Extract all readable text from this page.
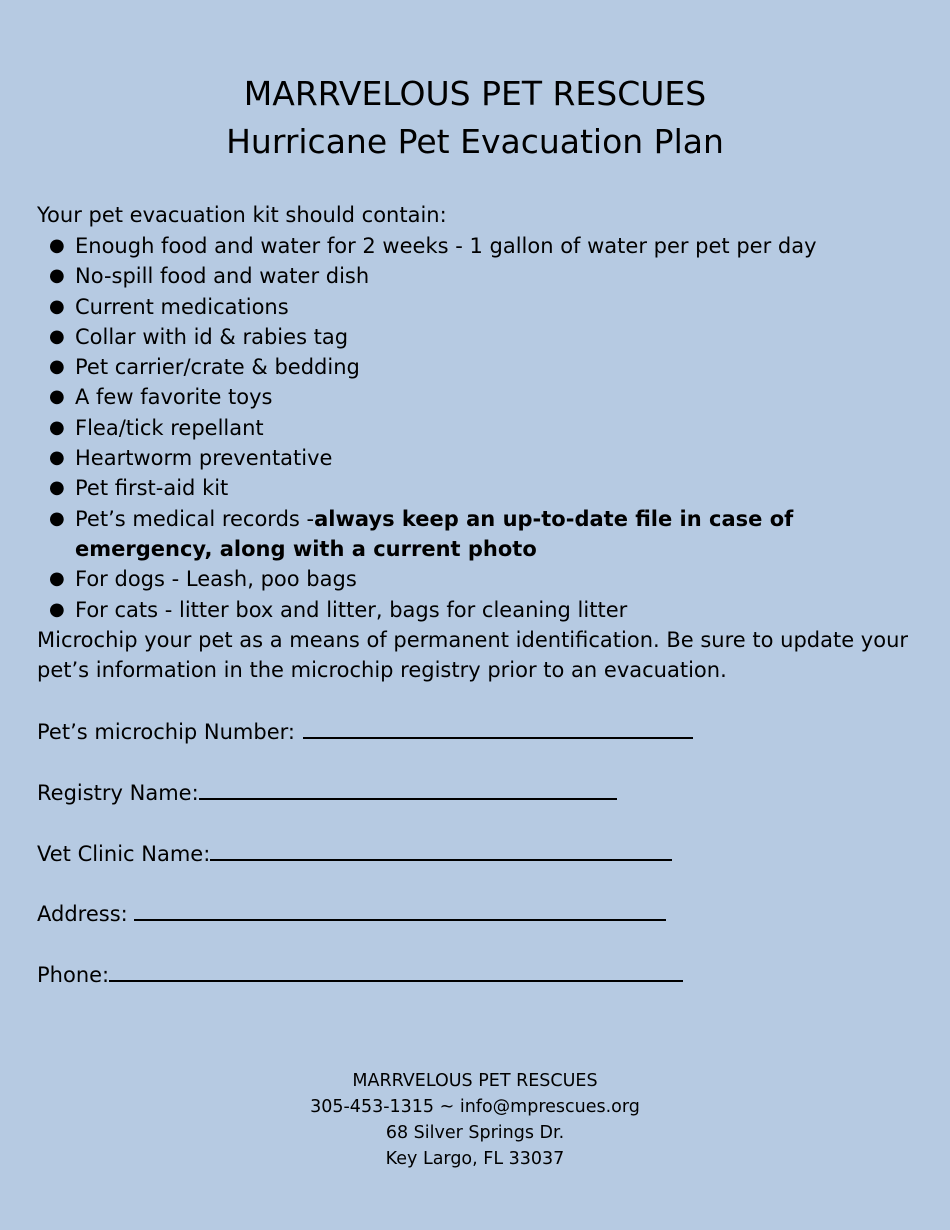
MARRVELOUS PET RESCUES
Hurricane Pet Evacuation Plan
Your pet evacuation kit should contain:
● Enough food and water for 2 weeks - 1 gallon of water per pet per day
● No-spill food and water dish
● Current medications
● Collar with id & rabies tag
● Pet carrier/crate & bedding
● A few favorite toys
● Flea/tick repellant
● Heartworm preventative
● Pet first-aid kit
● Pet’s medical records -always keep an up-to-date file in case of emergency, along with a current photo
● For dogs - Leash, poo bags
● For cats - litter box and litter, bags for cleaning litter
Microchip your pet as a means of permanent identification. Be sure to update your pet’s information in the microchip registry prior to an evacuation.
Pet’s microchip Number:
Registry Name:
Vet Clinic Name:
Address:
Phone:
MARRVELOUS PET RESCUES
305-453-1315 ~ info@mprescues.org
68 Silver Springs Dr.
Key Largo, FL 33037
